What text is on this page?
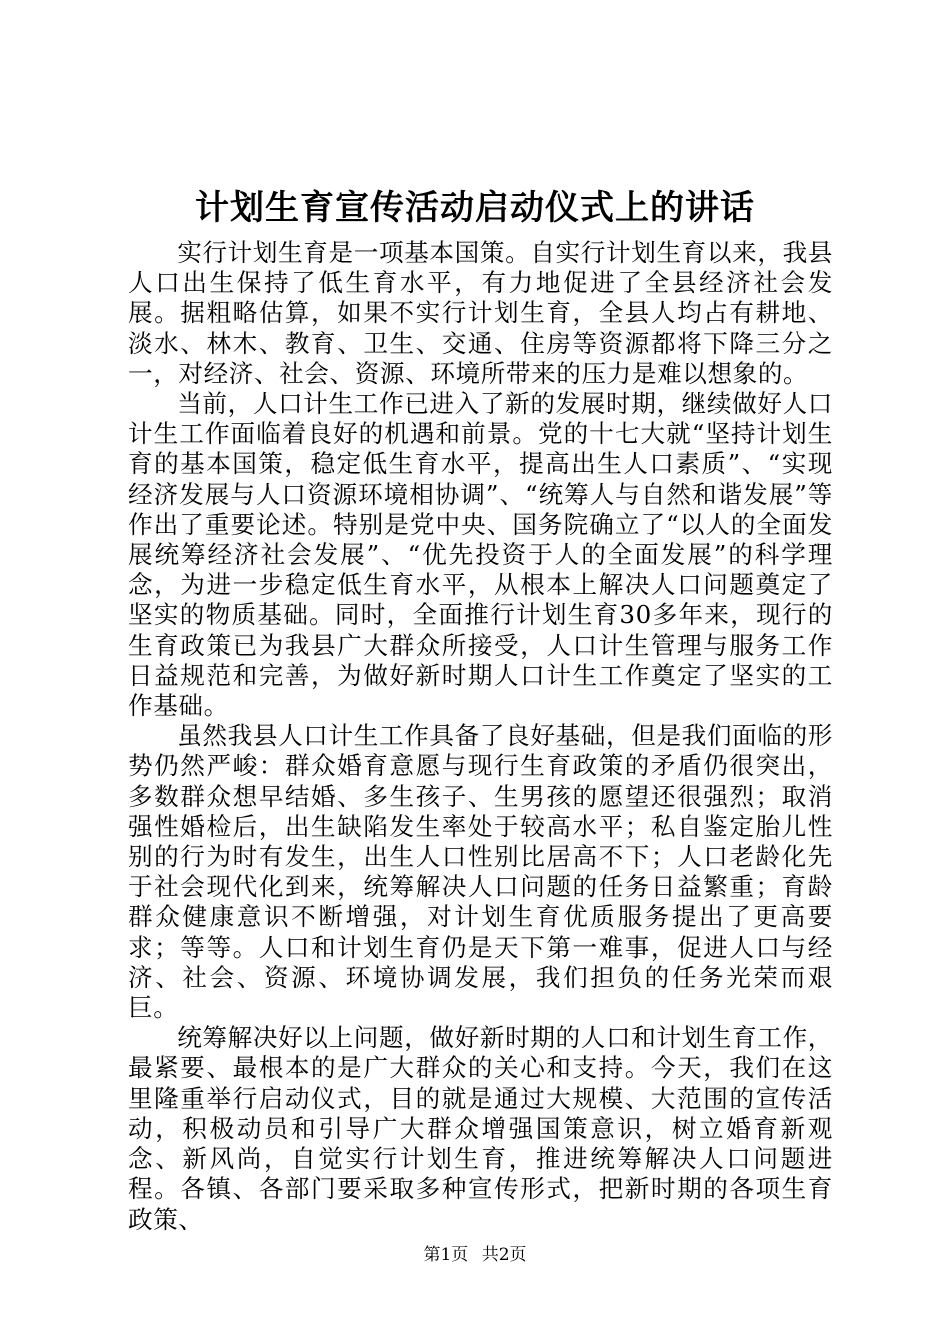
计划生育宣传活动启动仪式上的讲话

实行计划生育是一项基本国策。自实行计划生育以来，我县人口出生保持了低生育水平，有力地促进了全县经济社会发展。据粗略估算，如果不实行计划生育，全县人均占有耕地、淡水、林木、教育、卫生、交通、住房等资源都将下降三分之一，对经济、社会、资源、环境所带来的压力是难以想象的。

当前，人口计生工作已进入了新的发展时期，继续做好人口计生工作面临着良好的机遇和前景。党的十七大就“坚持计划生育的基本国策，稳定低生育水平，提高出生人口素质”、“实现经济发展与人口资源环境相协调”、“统筹人与自然和谐发展”等作出了重要论述。特别是党中央、国务院确立了“以人的全面发展统筹经济社会发展”、“优先投资于人的全面发展”的科学理念，为进一步稳定低生育水平，从根本上解决人口问题奠定了坚实的物质基础。同时，全面推行计划生育30多年来，现行的生育政策已为我县广大群众所接受，人口计生管理与服务工作日益规范和完善，为做好新时期人口计生工作奠定了坚实的工作基础。

虽然我县人口计生工作具备了良好基础，但是我们面临的形势仍然严峻：群众婚育意愿与现行生育政策的矛盾仍很突出，多数群众想早结婚、多生孩子、生男孩的愿望还很强烈；取消强性婚检后，出生缺陷发生率处于较高水平；私自鉴定胎儿性别的行为时有发生，出生人口性别比居高不下；人口老龄化先于社会现代化到来，统筹解决人口问题的任务日益繁重；育龄群众健康意识不断增强，对计划生育优质服务提出了更高要求；等等。人口和计划生育仍是天下第一难事，促进人口与经济、社会、资源、环境协调发展，我们担负的任务光荣而艰巨。

统筹解决好以上问题，做好新时期的人口和计划生育工作，最紧要、最根本的是广大群众的关心和支持。今天，我们在这里隆重举行启动仪式，目的就是通过大规模、大范围的宣传活动，积极动员和引导广大群众增强国策意识，树立婚育新观念、新风尚，自觉实行计划生育，推进统筹解决人口问题进程。各镇、各部门要采取多种宣传形式，把新时期的各项生育政策、

第1页 共2页
